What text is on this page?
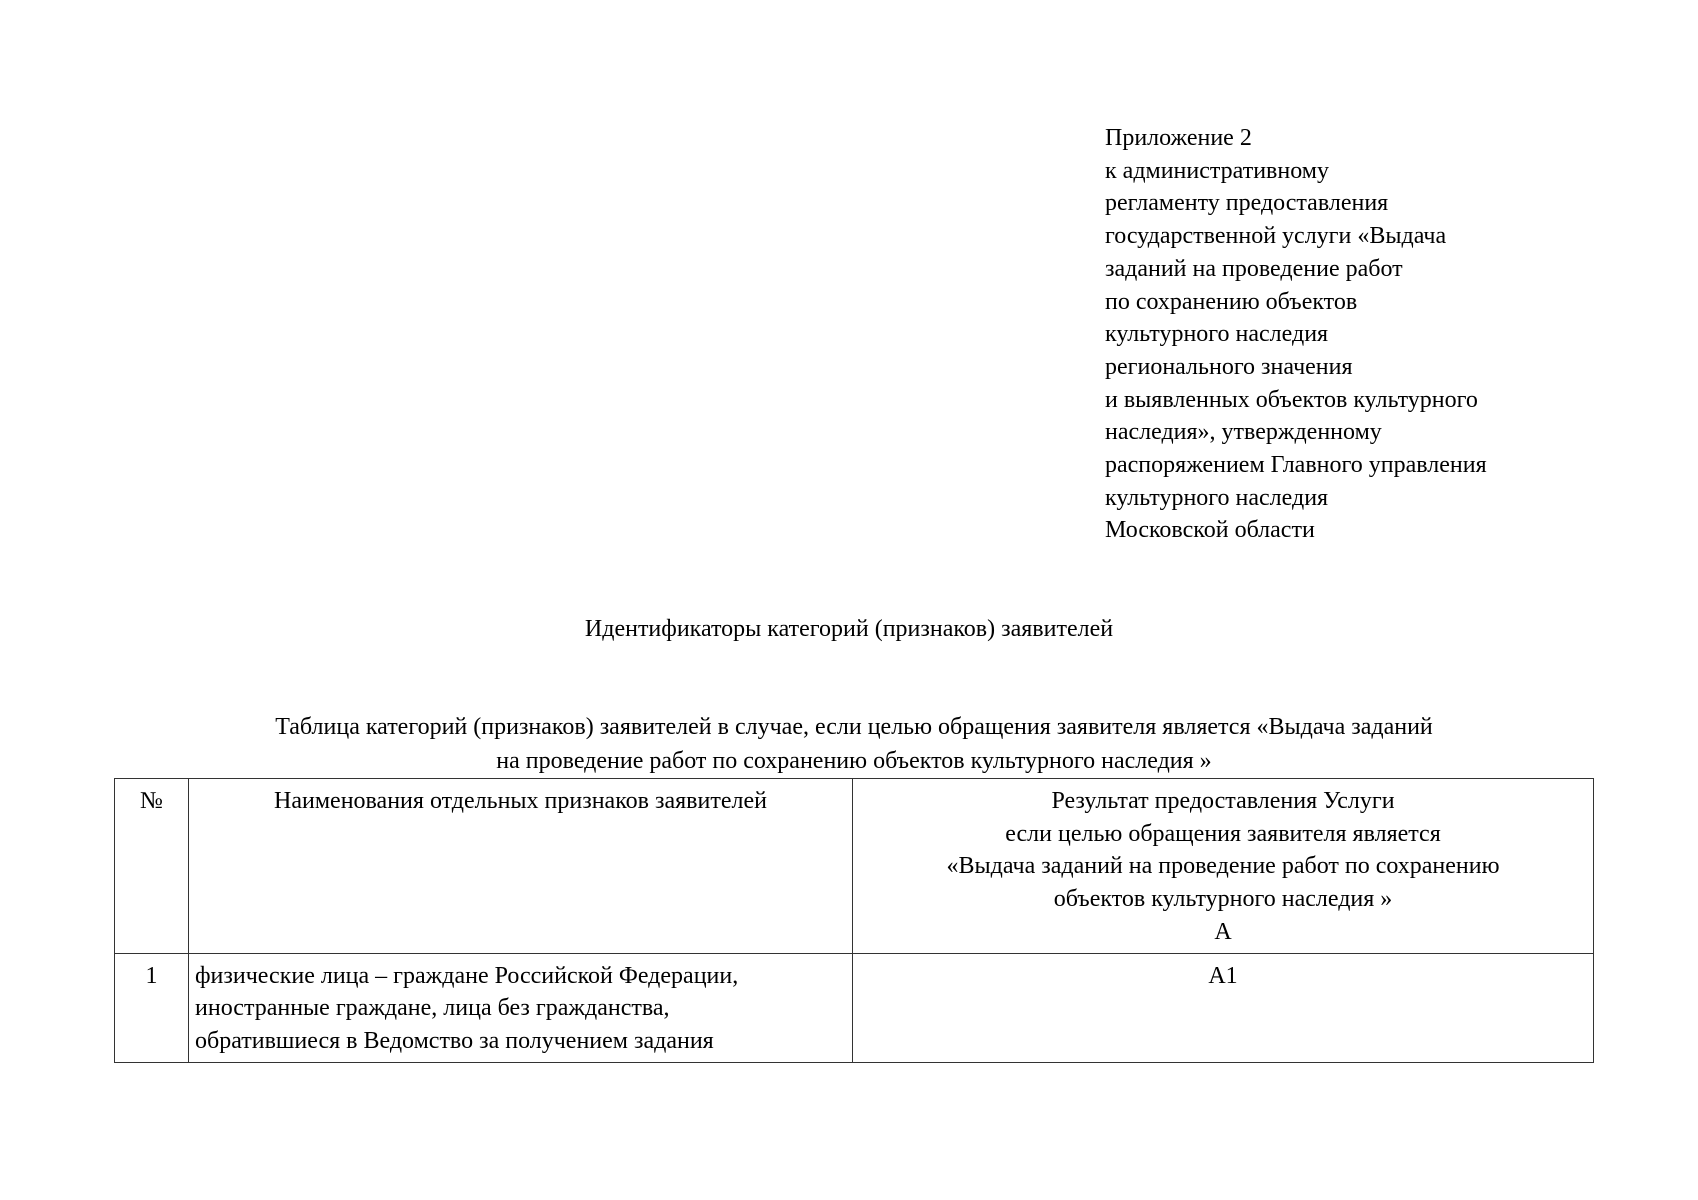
Приложение 2
к административному
регламенту предоставления
государственной услуги «Выдача
заданий на проведение работ
по сохранению объектов
культурного наследия
регионального значения
и выявленных объектов культурного
наследия», утвержденному
распоряжением Главного управления
культурного наследия
Московской области
Идентификаторы категорий (признаков) заявителей
Таблица категорий (признаков) заявителей в случае, если целью обращения заявителя является «Выдача заданий
на проведение работ по сохранению объектов культурного наследия »
№	Наименования отдельных признаков заявителей	Результат предоставления Услуги
если целью обращения заявителя является
«Выдача заданий на проведение работ по сохранению
объектов культурного наследия »
А

1	физические лица – граждане Российской Федерации,
иностранные граждане, лица без гражданства,
обратившиеся в Ведомство за получением задания	А1
